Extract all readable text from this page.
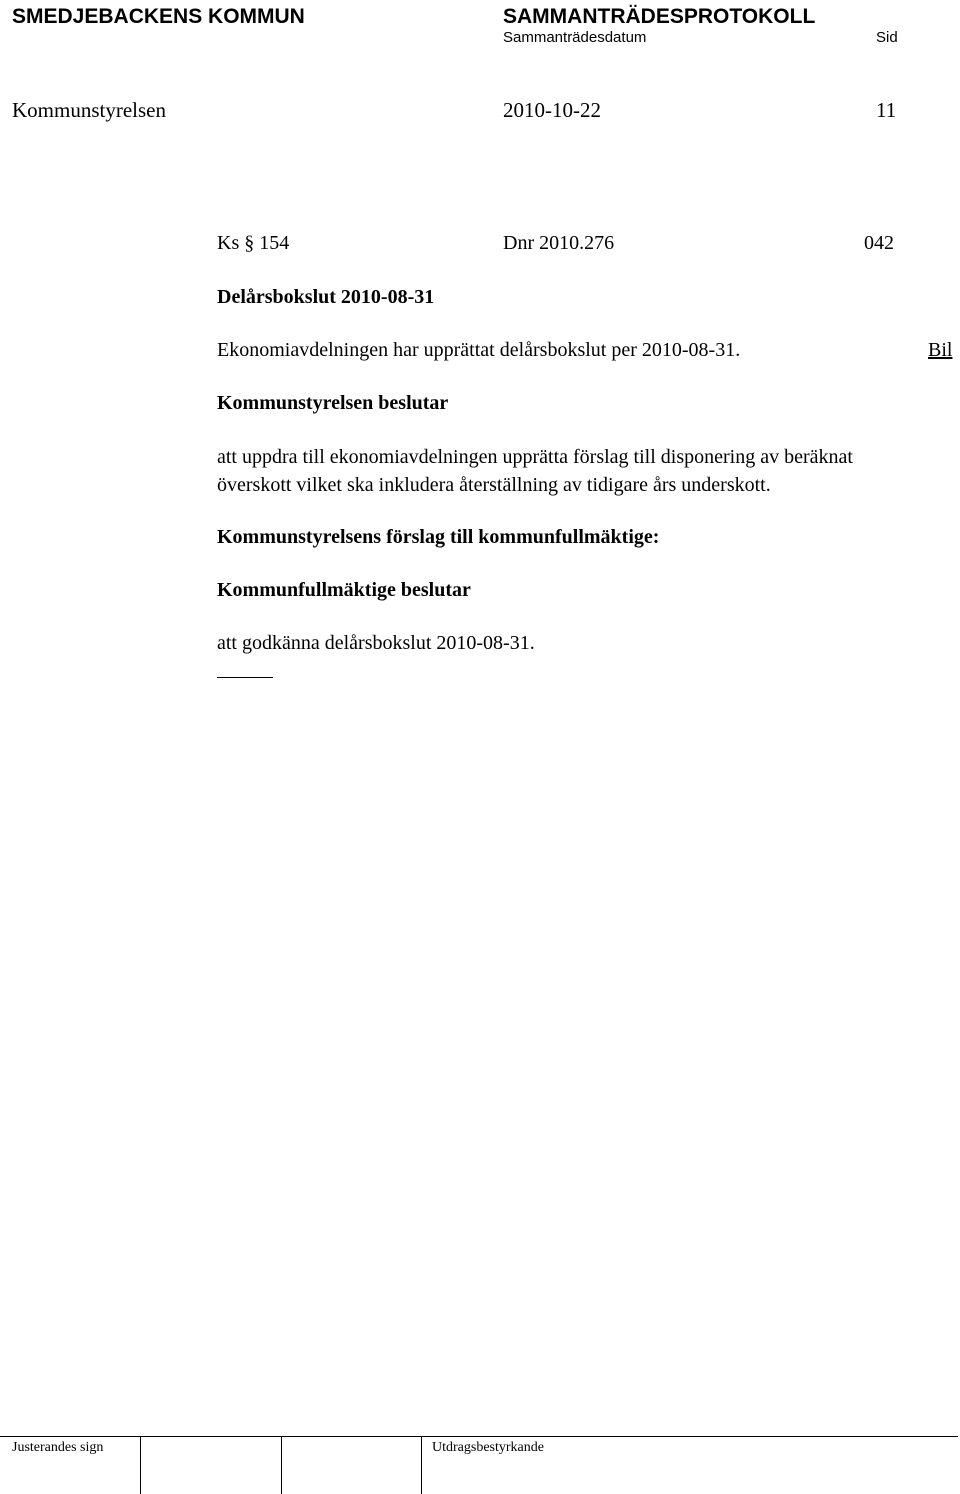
SMEDJEBACKENS KOMMUN	SAMMANTRÄDESPROTOKOLL
Sammanträdesdatum	Sid
Kommunstyrelsen	2010-10-22	11
Ks § 154	Dnr 2010.276	042
Delårsbokslut 2010-08-31
Ekonomiavdelningen har upprättat delårsbokslut per 2010-08-31.	Bil
Kommunstyrelsen beslutar
att uppdra till ekonomiavdelningen upprätta förslag till disponering av beräknat
överskott vilket ska inkludera återställning av tidigare års underskott.
Kommunstyrelsens förslag till kommunfullmäktige:
Kommunfullmäktige beslutar
att godkänna delårsbokslut 2010-08-31.
Justerandes sign	Utdragsbestyrkande
